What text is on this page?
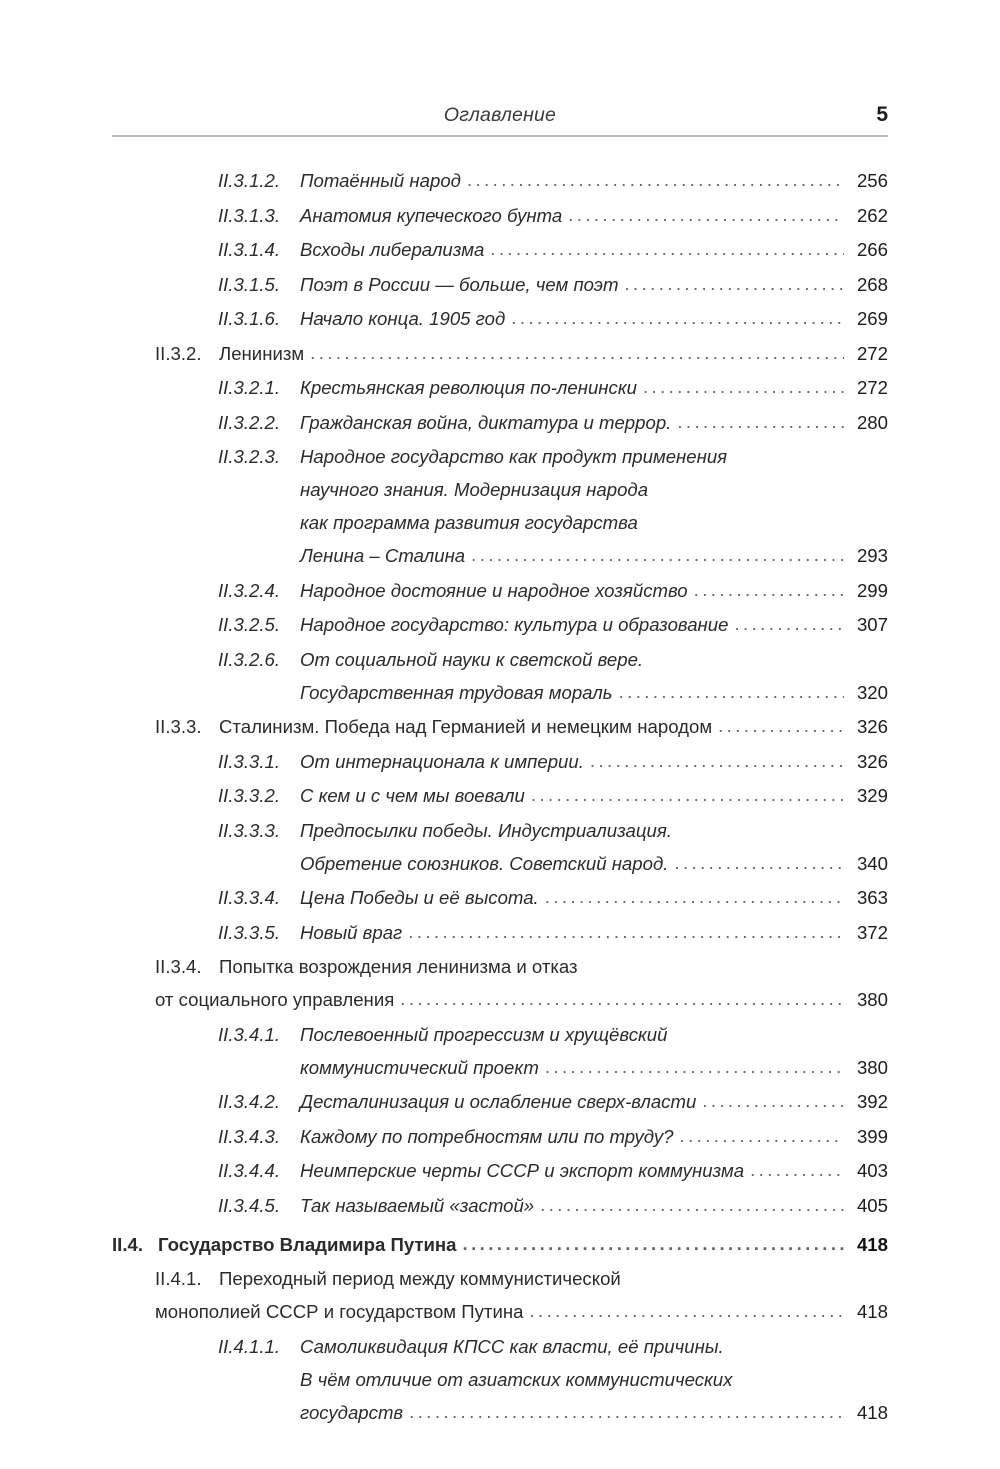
Оглавление	5
II.3.1.2.	Потаённый народ .....	256
II.3.1.3.	Анатомия купеческого бунта .....	262
II.3.1.4.	Всходы либерализма .....	266
II.3.1.5.	Поэт в России — больше, чем поэт .....	268
II.3.1.6.	Начало конца. 1905 год .....	269
II.3.2. Ленинизм .....	272
II.3.2.1.	Крестьянская революция по-ленински .....	272
II.3.2.2.	Гражданская война, диктатура и террор. .....	280
II.3.2.3.	Народное государство как продукт применения
научного знания. Модернизация народа
как программа развития государства
Ленина – Сталина .....	293
II.3.2.4.	Народное достояние и народное хозяйство .....	299
II.3.2.5.	Народное государство: культура и образование .....	307
II.3.2.6.	От социальной науки к светской вере.
Государственная трудовая мораль .....	320
II.3.3. Сталинизм. Победа над Германией и немецким народом .....	326
II.3.3.1.	От интернационала к империи. .....	326
II.3.3.2.	С кем и с чем мы воевали .....	329
II.3.3.3.	Предпосылки победы. Индустриализация.
Обретение союзников. Советский народ. .....	340
II.3.3.4.	Цена Победы и её высота. .....	363
II.3.3.5.	Новый враг .....	372
II.3.4. Попытка возрождения ленинизма и отказ
от социального управления .....	380
II.3.4.1.	Послевоенный прогрессизм и хрущёвский
коммунистический проект .....	380
II.3.4.2.	Десталинизация и ослабление сверх-власти .....	392
II.3.4.3.	Каждому по потребностям или по труду? .....	399
II.3.4.4.	Неимперские черты СССР и экспорт коммунизма .....	403
II.3.4.5.	Так называемый «застой» .....	405
II.4. Государство Владимира Путина .....	418
II.4.1. Переходный период между коммунистической
монополией СССР и государством Путина .....	418
II.4.1.1.	Самоликвидация КПСС как власти, её причины.
В чём отличие от азиатских коммунистических
государств .....	418
